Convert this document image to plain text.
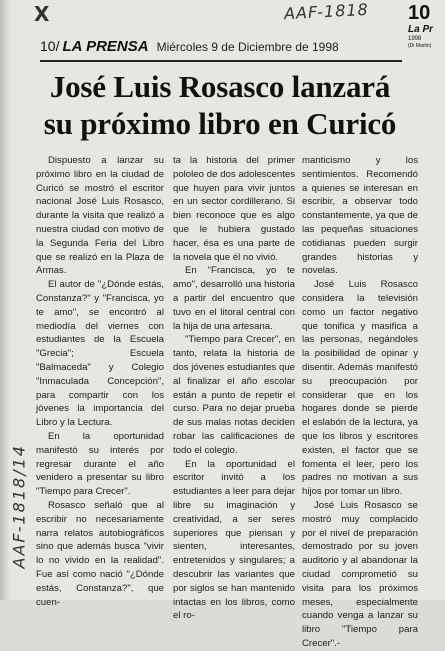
X	AAF-1818
AAF-1818/14
10
La Pr
1998
(Di Martin)
10/ LA PRENSA Miércoles 9 de Diciembre de 1998
José Luis Rosasco lanzará
su próximo libro en Curicó

Dispuesto a lanzar su próximo libro en la ciudad de Curicó se mostró el escritor nacional José Luis Rosasco, durante la visita que realizó a nuestra ciudad con motivo de la Segunda Feria del Libro que se realizó en la Plaza de Armas.

El autor de "¿Dónde estás, Constanza?" y "Francisca, yo te amo", se encontró al mediodía del viernes con estudiantes de la Escuela "Grecia"; Escuela "Balmaceda" y Colegio "Inmaculada Concepción", para compartir con los jóvenes la importancia del Libro y la Lectura.

En la oportunidad manifestó su interés por regresar durante el año venidero a presentar su libro "Tiempo para Crecer".

Rosasco señaló que al escribir no necesariamente narra relatos autobiográficos sino que además busca "vivir lo no vivido en la realidad". Fue así como nació "¿Dónde estás, Constanza?", que cuen-

ta la historia del primer pololeo de dos adolescentes que huyen para vivir juntos en un sector cordillerano. Si bien reconoce que es algo que le hubiera gustado hacer, ésa es una parte de la novela que él no vivió.

En "Francisca, yo te amo", desarrolló una historia a partir del encuentro que tuvo en el litoral central con la hija de una artesana.

"Tiempo para Crecer", en tanto, relata la historia de dos jóvenes estudiantes que al finalizar el año escolar están a punto de repetir el curso. Para no dejar prueba de sus malas notas deciden robar las calificaciones de todo el colegio.

En la oportunidad el escritor invitó a los estudiantes a leer para dejar libre su imaginación y creatividad, a ser seres superiores que piensan y sienten, interesantes, entretenidos y singulares; a descubrir las variantes que por siglos se han mantenido intactas en los libros, como el ro-

manticismo y los sentimientos. Recomendó a quienes se interesan en escribir, a observar todo constantemente, ya que de las pequeñas situaciones cotidianas pueden surgir grandes historias y novelas.

José Luis Rosasco considera la televisión como un factor negativo que tonifica y masifica a las personas, negándoles la posibilidad de opinar y disentir. Además manifestó su preocupación por considerar que en los hogares donde se pierde el eslabón de la lectura, ya que los libros y escritores existen, el factor que se fomenta el leer, pero los padres no motivan a sus hijos por tomar un libro.

José Luis Rosasco se mostró muy complacido por el nivel de preparación demostrado por su joven auditorio y al abandonar la ciudad comprometió su visita para los próximos meses, especialmente cuando venga a lanzar su libro "Tiempo para Crecer".-
